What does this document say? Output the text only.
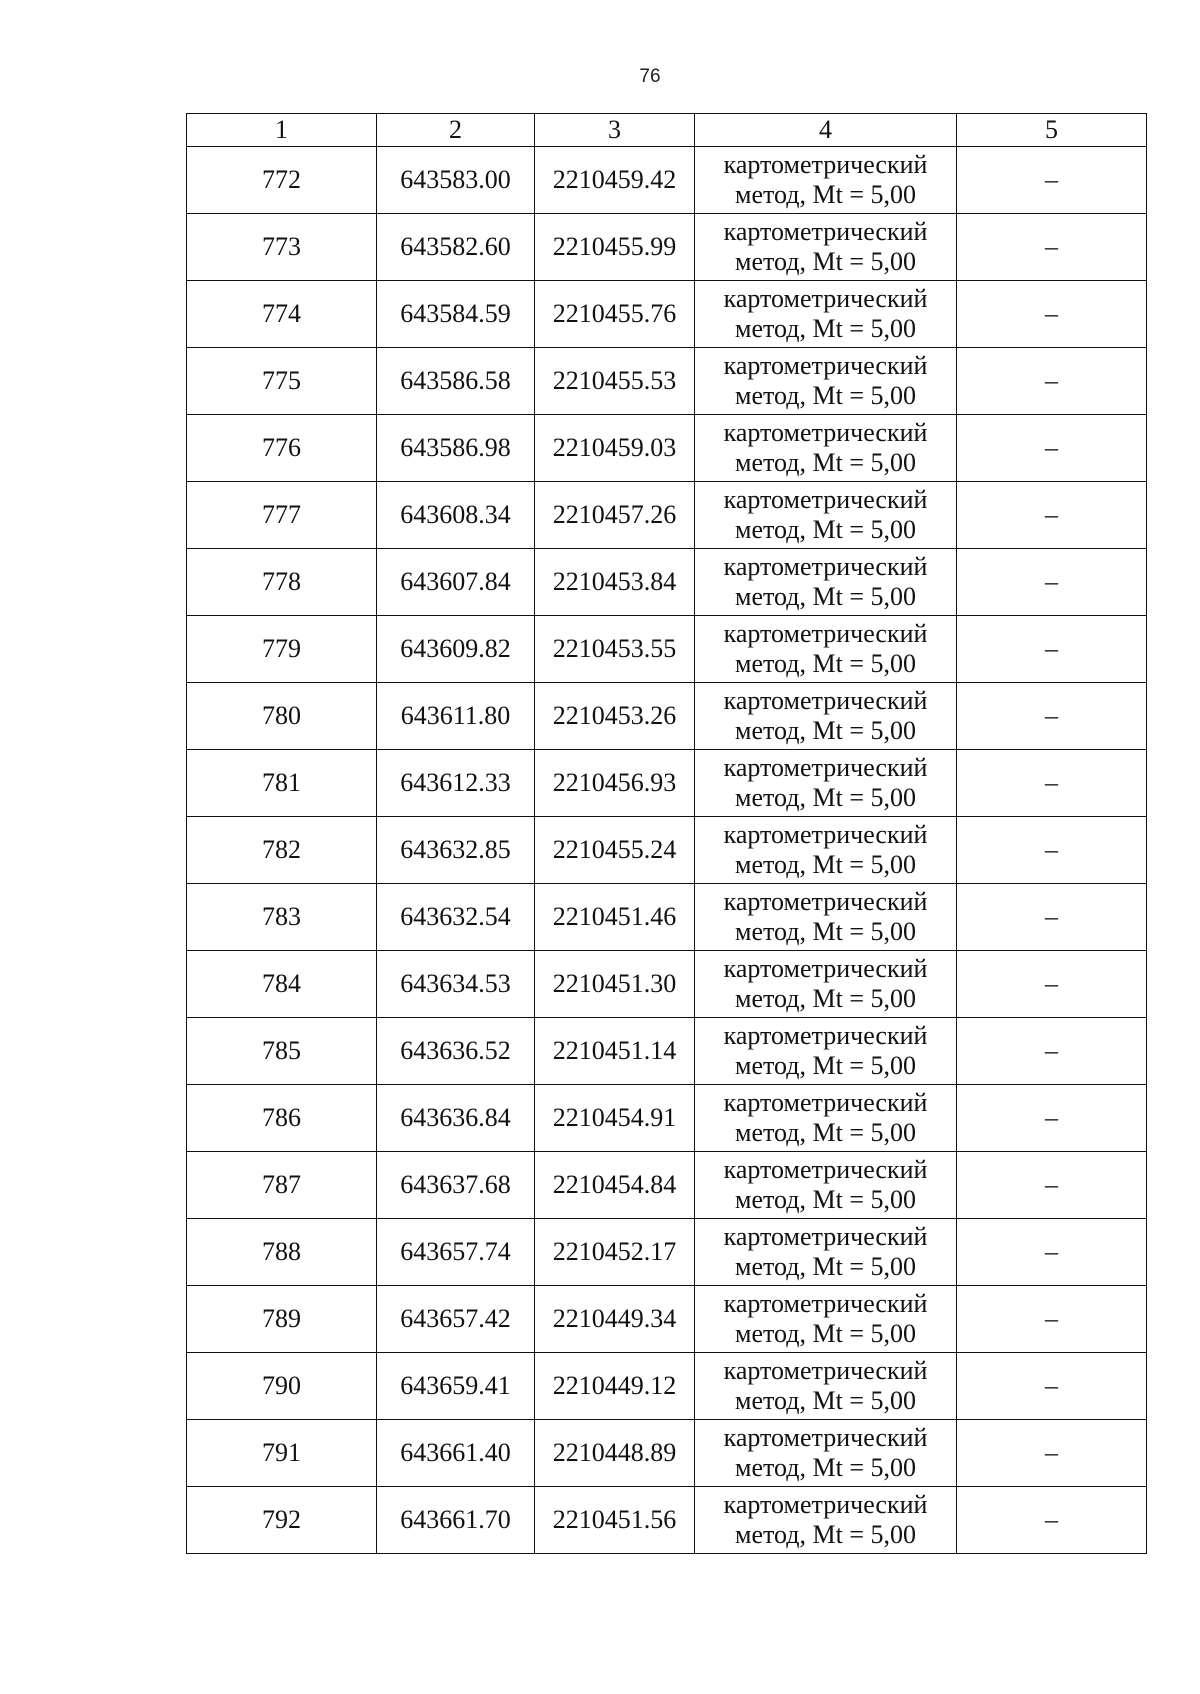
76
1	2	3	4	5
772	643583.00	2210459.42	картометрический
метод, Mt = 5,00	–
773	643582.60	2210455.99	картометрический
метод, Mt = 5,00	–
774	643584.59	2210455.76	картометрический
метод, Mt = 5,00	–
775	643586.58	2210455.53	картометрический
метод, Mt = 5,00	–
776	643586.98	2210459.03	картометрический
метод, Mt = 5,00	–
777	643608.34	2210457.26	картометрический
метод, Mt = 5,00	–
778	643607.84	2210453.84	картометрический
метод, Mt = 5,00	–
779	643609.82	2210453.55	картометрический
метод, Mt = 5,00	–
780	643611.80	2210453.26	картометрический
метод, Mt = 5,00	–
781	643612.33	2210456.93	картометрический
метод, Mt = 5,00	–
782	643632.85	2210455.24	картометрический
метод, Mt = 5,00	–
783	643632.54	2210451.46	картометрический
метод, Mt = 5,00	–
784	643634.53	2210451.30	картометрический
метод, Mt = 5,00	–
785	643636.52	2210451.14	картометрический
метод, Mt = 5,00	–
786	643636.84	2210454.91	картометрический
метод, Mt = 5,00	–
787	643637.68	2210454.84	картометрический
метод, Mt = 5,00	–
788	643657.74	2210452.17	картометрический
метод, Mt = 5,00	–
789	643657.42	2210449.34	картометрический
метод, Mt = 5,00	–
790	643659.41	2210449.12	картометрический
метод, Mt = 5,00	–
791	643661.40	2210448.89	картометрический
метод, Mt = 5,00	–
792	643661.70	2210451.56	картометрический
метод, Mt = 5,00	–
